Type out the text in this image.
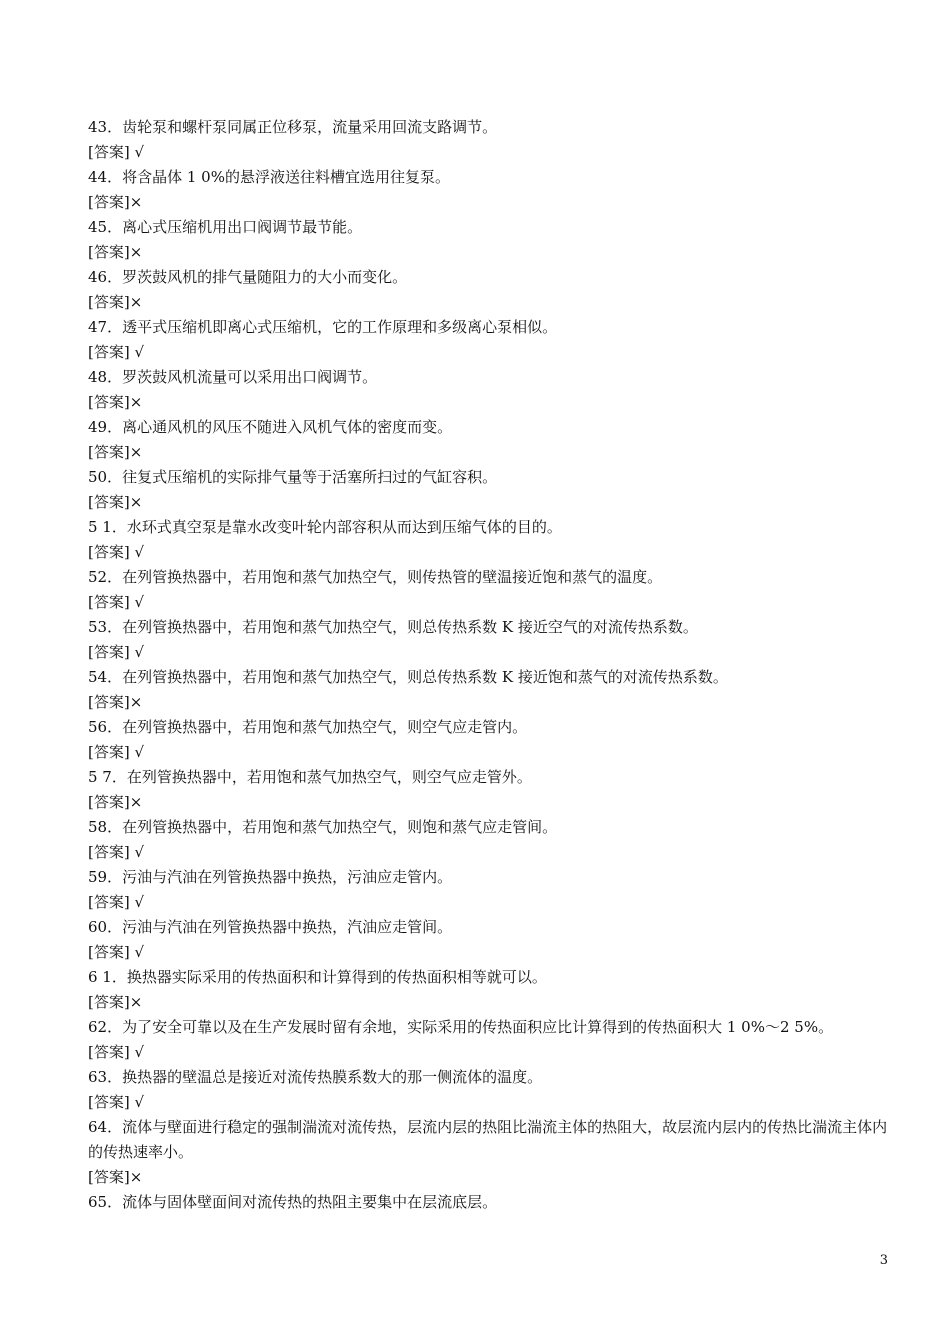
43．齿轮泵和螺杆泵同属正位移泵，流量采用回流支路调节。
[答案] √
44．将含晶体 1 0%的悬浮液送往料槽宜选用往复泵。
[答案]×
45．离心式压缩机用出口阀调节最节能。
[答案]×
46．罗茨鼓风机的排气量随阻力的大小而变化。
[答案]×
47．透平式压缩机即离心式压缩机，它的工作原理和多级离心泵相似。
[答案] √
48．罗茨鼓风机流量可以采用出口阀调节。
[答案]×
49．离心通风机的风压不随进入风机气体的密度而变。
[答案]×
50．往复式压缩机的实际排气量等于活塞所扫过的气缸容积。
[答案]×
5 1．水环式真空泵是靠水改变叶轮内部容积从而达到压缩气体的目的。
[答案] √
52．在列管换热器中，若用饱和蒸气加热空气，则传热管的壁温接近饱和蒸气的温度。
[答案] √
53．在列管换热器中，若用饱和蒸气加热空气，则总传热系数 K 接近空气的对流传热系数。
[答案] √
54．在列管换热器中，若用饱和蒸气加热空气，则总传热系数 K 接近饱和蒸气的对流传热系数。
[答案]×
56．在列管换热器中，若用饱和蒸气加热空气，则空气应走管内。
[答案] √
5 7．在列管换热器中，若用饱和蒸气加热空气，则空气应走管外。
[答案]×
58．在列管换热器中，若用饱和蒸气加热空气，则饱和蒸气应走管间。
[答案] √
59．污油与汽油在列管换热器中换热，污油应走管内。
[答案] √
60．污油与汽油在列管换热器中换热，汽油应走管间。
[答案] √
6 1．换热器实际采用的传热面积和计算得到的传热面积相等就可以。
[答案]×
62．为了安全可靠以及在生产发展时留有余地，实际采用的传热面积应比计算得到的传热面积大 1 0%～2 5%。
[答案] √
63．换热器的壁温总是接近对流传热膜系数大的那一侧流体的温度。
[答案] √
64．流体与壁面进行稳定的强制湍流对流传热，层流内层的热阻比湍流主体的热阻大，故层流内层内的传热比湍流主体内的传热速率小。
[答案]×
65．流体与固体壁面间对流传热的热阻主要集中在层流底层。
3
